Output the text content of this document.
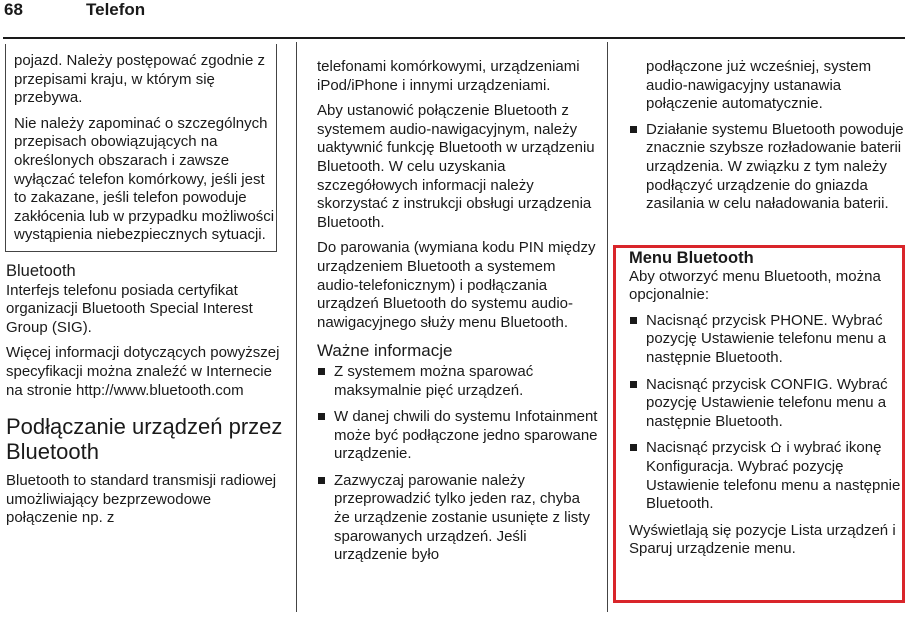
68	Telefon

pojazd. Należy postępować zgodnie z przepisami kraju, w którym się przebywa.

Nie należy zapominać o szczególnych przepisach obowiązujących na określonych obszarach i zawsze wyłączać telefon komórkowy, jeśli jest to zakazane, jeśli telefon powoduje zakłócenia lub w przypadku możliwości wystąpienia niebezpiecznych sytuacji.

Bluetooth

Interfejs telefonu posiada certyfikat organizacji Bluetooth Special Interest Group (SIG).

Więcej informacji dotyczących powyższej specyfikacji można znaleźć w Internecie na stronie http://www.bluetooth.com

Podłączanie urządzeń przez Bluetooth

Bluetooth to standard transmisji radiowej umożliwiający bezprzewodowe połączenie np. z

telefonami komórkowymi, urządzeniami iPod/iPhone i innymi urządzeniami.

Aby ustanowić połączenie Bluetooth z systemem audio-nawigacyjnym, należy uaktywnić funkcję Bluetooth w urządzeniu Bluetooth. W celu uzyskania szczegółowych informacji należy skorzystać z instrukcji obsługi urządzenia Bluetooth.

Do parowania (wymiana kodu PIN między urządzeniem Bluetooth a systemem audio-telefonicznym) i podłączania urządzeń Bluetooth do systemu audio-nawigacyjnego służy menu Bluetooth.

Ważne informacje
Z systemem można sparować maksymalnie pięć urządzeń.
W danej chwili do systemu Infotainment może być podłączone jedno sparowane urządzenie.
Zazwyczaj parowanie należy przeprowadzić tylko jeden raz, chyba że urządzenie zostanie usunięte z listy sparowanych urządzeń. Jeśli urządzenie było

podłączone już wcześniej, system audio-nawigacyjny ustanawia połączenie automatycznie.

Działanie systemu Bluetooth powoduje znacznie szybsze rozładowanie baterii urządzenia. W związku z tym należy podłączyć urządzenie do gniazda zasilania w celu naładowania baterii.
Menu Bluetooth

Aby otworzyć menu Bluetooth, można opcjonalnie:

Nacisnąć przycisk PHONE. Wybrać pozycję Ustawienie telefonu menu a następnie Bluetooth.
Nacisnąć przycisk CONFIG. Wybrać pozycję Ustawienie telefonu menu a następnie Bluetooth.
Nacisnąć przycisk i wybrać ikonę Konfiguracja. Wybrać pozycję Ustawienie telefonu menu a następnie Bluetooth.

Wyświetlają się pozycje Lista urządzeń i Sparuj urządzenie menu.
